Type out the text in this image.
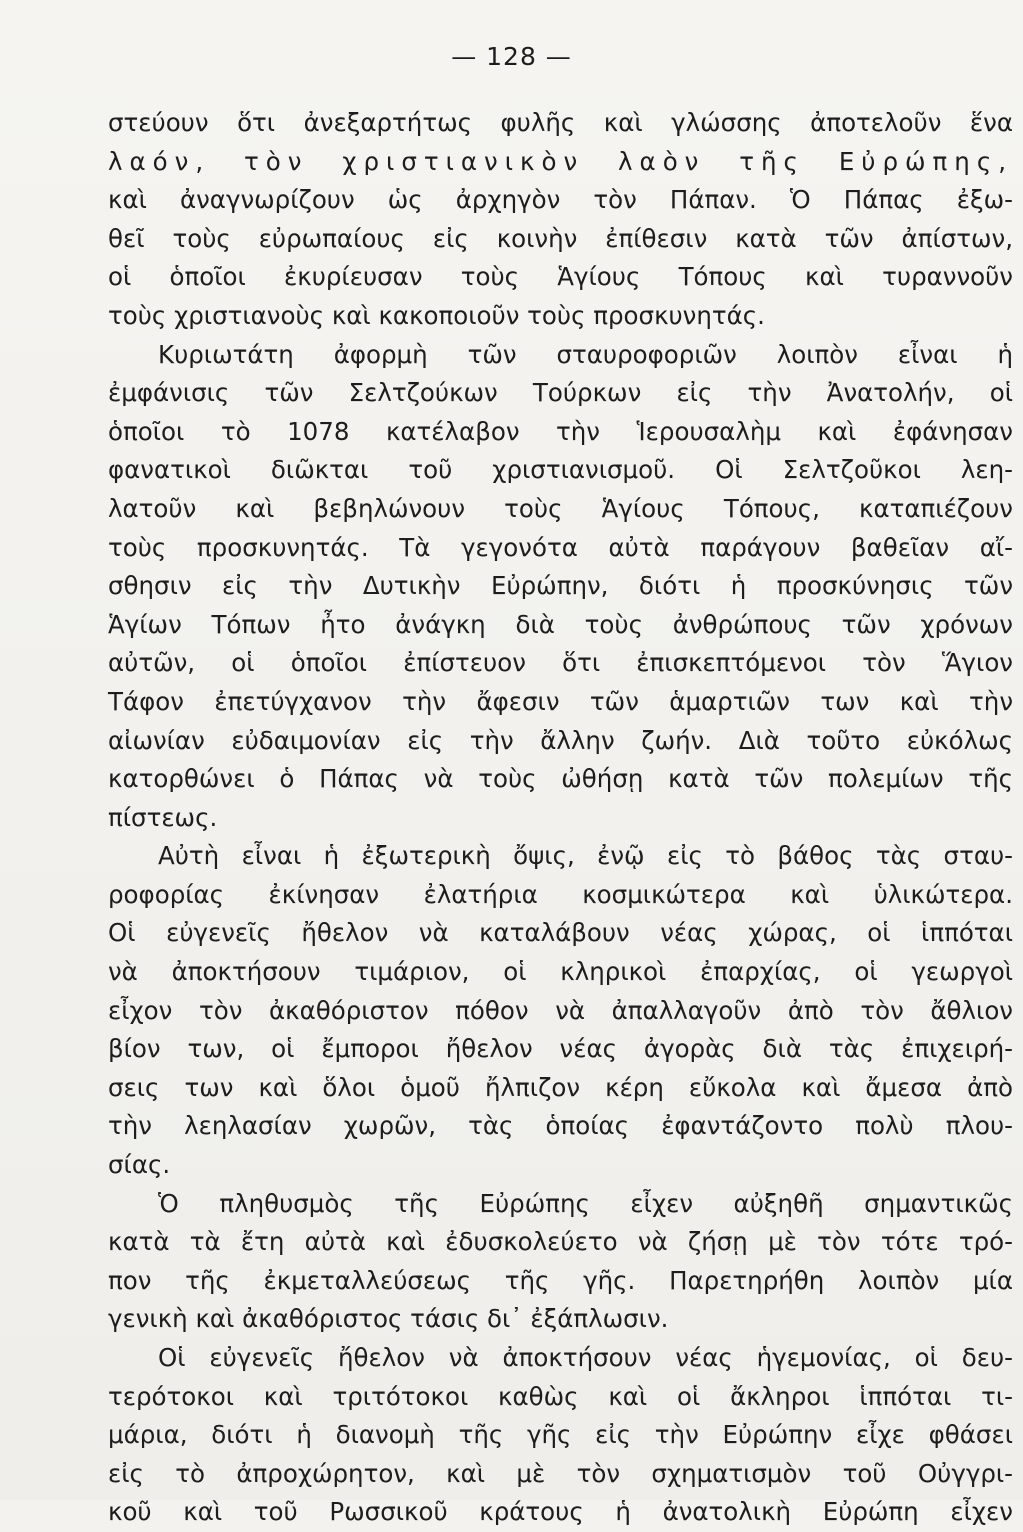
— 128 —
στεύουν ὅτι ἀνεξαρτήτως φυλῆς καὶ γλώσσης ἀποτελοῦν ἕνα
λαόν, τὸν χριστιανικὸν λαὸν τῆς Εὐρώπης,
καὶ ἀναγνωρίζουν ὡς ἀρχηγὸν τὸν Πάπαν. Ὁ Πάπας ἐξω-
θεῖ τοὺς εὐρωπαίους εἰς κοινὴν ἐπίθεσιν κατὰ τῶν ἀπίστων,
οἱ ὁποῖοι ἐκυρίευσαν τοὺς Ἁγίους Τόπους καὶ τυραννοῦν
τοὺς χριστιανοὺς καὶ κακοποιοῦν τοὺς προσκυνητάς.
Κυριωτάτη ἀφορμὴ τῶν σταυροφοριῶν λοιπὸν εἶναι ἡ
ἐμφάνισις τῶν Σελτζούκων Τούρκων εἰς τὴν Ἀνατολήν, οἱ
ὁποῖοι τὸ 1078 κατέλαβον τὴν Ἱερουσαλὴμ καὶ ἐφάνησαν
φανατικοὶ διῶκται τοῦ χριστιανισμοῦ. Οἱ Σελτζοῦκοι λεη-
λατοῦν καὶ βεβηλώνουν τοὺς Ἁγίους Τόπους, καταπιέζουν
τοὺς προσκυνητάς. Τὰ γεγονότα αὐτὰ παράγουν βαθεῖαν αἴ-
σθησιν εἰς τὴν Δυτικὴν Εὐρώπην, διότι ἡ προσκύνησις τῶν
Ἁγίων Τόπων ἦτο ἀνάγκη διὰ τοὺς ἀνθρώπους τῶν χρόνων
αὐτῶν, οἱ ὁποῖοι ἐπίστευον ὅτι ἐπισκεπτόμενοι τὸν Ἅγιον
Τάφον ἐπετύγχανον τὴν ἄφεσιν τῶν ἁμαρτιῶν των καὶ τὴν
αἰωνίαν εὐδαιμονίαν εἰς τὴν ἄλλην ζωήν. Διὰ τοῦτο εὐκόλως
κατορθώνει ὁ Πάπας νὰ τοὺς ὠθήσῃ κατὰ τῶν πολεμίων τῆς
πίστεως.
Αὐτὴ εἶναι ἡ ἐξωτερικὴ ὄψις, ἐνῷ εἰς τὸ βάθος τὰς σταυ-
ροφορίας ἐκίνησαν ἐλατήρια κοσμικώτερα καὶ ὑλικώτερα.
Οἱ εὐγενεῖς ἤθελον νὰ καταλάβουν νέας χώρας, οἱ ἱππόται
νὰ ἀποκτήσουν τιμάριον, οἱ κληρικοὶ ἐπαρχίας, οἱ γεωργοὶ
εἶχον τὸν ἀκαθόριστον πόθον νὰ ἀπαλλαγοῦν ἀπὸ τὸν ἄθλιον
βίον των, οἱ ἔμποροι ἤθελον νέας ἀγορὰς διὰ τὰς ἐπιχειρή-
σεις των καὶ ὅλοι ὁμοῦ ἤλπιζον κέρη εὔκολα καὶ ἄμεσα ἀπὸ
τὴν λεηλασίαν χωρῶν, τὰς ὁποίας ἐφαντάζοντο πολὺ πλου-
σίας.
Ὁ πληθυσμὸς τῆς Εὐρώπης εἶχεν αὐξηθῆ σημαντικῶς
κατὰ τὰ ἔτη αὐτὰ καὶ ἐδυσκολεύετο νὰ ζήσῃ μὲ τὸν τότε τρό-
πον τῆς ἐκμεταλλεύσεως τῆς γῆς. Παρετηρήθη λοιπὸν μία
γενικὴ καὶ ἀκαθόριστος τάσις δι᾿ ἐξάπλωσιν.
Οἱ εὐγενεῖς ἤθελον νὰ ἀποκτήσουν νέας ἡγεμονίας, οἱ δευ-
τερότοκοι καὶ τριτότοκοι καθὼς καὶ οἱ ἄκληροι ἱππόται τι-
μάρια, διότι ἡ διανομὴ τῆς γῆς εἰς τὴν Εὐρώπην εἶχε φθάσει
εἰς τὸ ἀπροχώρητον, καὶ μὲ τὸν σχηματισμὸν τοῦ Οὐγγρι-
κοῦ καὶ τοῦ Ρωσσικοῦ κράτους ἡ ἀνατολικὴ Εὐρώπη εἶχεν
